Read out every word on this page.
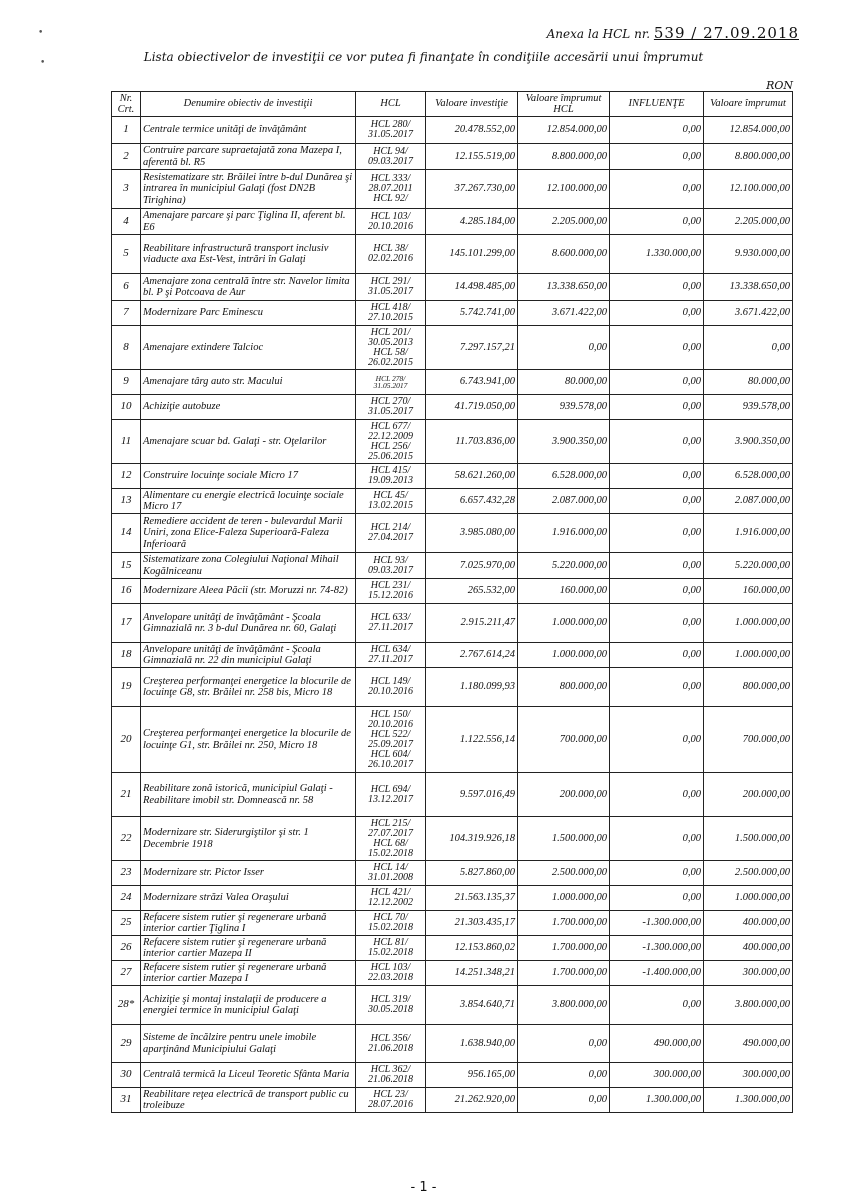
Anexa la HCL nr. 539 / 27.09.2018
Lista obiectivelor de investiţii ce vor putea fi finanţate în condiţiile accesării unui împrumut
RON
•
•
Nr. Crt.	Denumire obiectiv de investiţii	HCL	Valoare investiţie	Valoare împrumut HCL	INFLUENŢE	Valoare împrumut
1	Centrale termice unităţi de învăţământ	HCL 280/ 31.05.2017	20.478.552,00	12.854.000,00	0,00	12.854.000,00
2	Contruire parcare supraetajată zona Mazepa I, aferentă bl. R5	HCL 94/ 09.03.2017	12.155.519,00	8.800.000,00	0,00	8.800.000,00
3	Resistematizare str. Brăilei între b-dul Dunărea şi intrarea în municipiul Galaţi (fost DN2B Tirighina)	HCL 333/ 28.07.2011 HCL 92/	37.267.730,00	12.100.000,00	0,00	12.100.000,00
4	Amenajare parcare şi parc Ţiglina II, aferent bl. E6	HCL 103/ 20.10.2016	4.285.184,00	2.205.000,00	0,00	2.205.000,00
5	Reabilitare infrastructură transport inclusiv viaducte axa Est-Vest, intrări în Galaţi	HCL 38/ 02.02.2016	145.101.299,00	8.600.000,00	1.330.000,00	9.930.000,00
6	Amenajare zona centrală între str. Navelor limita bl. P şi Potcoava de Aur	HCL 291/ 31.05.2017	14.498.485,00	13.338.650,00	0,00	13.338.650,00
7	Modernizare Parc Eminescu	HCL 418/ 27.10.2015	5.742.741,00	3.671.422,00	0,00	3.671.422,00
8	Amenajare extindere Talcioc	HCL 201/ 30.05.2013 HCL 58/ 26.02.2015	7.297.157,21	0,00	0,00	0,00
9	Amenajare târg auto str. Macului	HCL 278/ 31.05.2017	6.743.941,00	80.000,00	0,00	80.000,00
10	Achiziţie autobuze	HCL 270/ 31.05.2017	41.719.050,00	939.578,00	0,00	939.578,00
11	Amenajare scuar bd. Galaţi - str. Oţelarilor	HCL 677/ 22.12.2009 HCL 256/ 25.06.2015	11.703.836,00	3.900.350,00	0,00	3.900.350,00
12	Construire locuinţe sociale Micro 17	HCL 415/ 19.09.2013	58.621.260,00	6.528.000,00	0,00	6.528.000,00
13	Alimentare cu energie electrică locuinţe sociale Micro 17	HCL 45/ 13.02.2015	6.657.432,28	2.087.000,00	0,00	2.087.000,00
14	Remediere accident de teren - bulevardul Marii Uniri, zona Elice-Faleza Superioară-Faleza Inferioară	HCL 214/ 27.04.2017	3.985.080,00	1.916.000,00	0,00	1.916.000,00
15	Sistematizare zona Colegiului Naţional Mihail Kogălniceanu	HCL 93/ 09.03.2017	7.025.970,00	5.220.000,00	0,00	5.220.000,00
16	Modernizare Aleea Păcii (str. Moruzzi nr. 74-82)	HCL 231/ 15.12.2016	265.532,00	160.000,00	0,00	160.000,00
17	Anvelopare unităţi de învăţământ - Şcoala Gimnazială nr. 3 b-dul Dunărea nr. 60, Galaţi	HCL 633/ 27.11.2017	2.915.211,47	1.000.000,00	0,00	1.000.000,00
18	Anvelopare unităţi de învăţământ - Şcoala Gimnazială nr. 22 din municipiul Galaţi	HCL 634/ 27.11.2017	2.767.614,24	1.000.000,00	0,00	1.000.000,00
19	Creşterea performanţei energetice la blocurile de locuinţe G8, str. Brăilei nr. 258 bis, Micro 18	HCL 149/ 20.10.2016	1.180.099,93	800.000,00	0,00	800.000,00
20	Creşterea performanţei energetice la blocurile de locuinţe G1, str. Brăilei nr. 250, Micro 18	HCL 150/ 20.10.2016 HCL 522/ 25.09.2017 HCL 604/ 26.10.2017	1.122.556,14	700.000,00	0,00	700.000,00
21	Reabilitare zonă istorică, municipiul Galaţi - Reabilitare imobil str. Domnească nr. 58	HCL 694/ 13.12.2017	9.597.016,49	200.000,00	0,00	200.000,00
22	Modernizare str. Siderurgiştilor şi str. 1 Decembrie 1918	HCL 215/ 27.07.2017 HCL 68/ 15.02.2018	104.319.926,18	1.500.000,00	0,00	1.500.000,00
23	Modernizare str. Pictor Isser	HCL 14/ 31.01.2008	5.827.860,00	2.500.000,00	0,00	2.500.000,00
24	Modernizare străzi Valea Oraşului	HCL 421/ 12.12.2002	21.563.135,37	1.000.000,00	0,00	1.000.000,00
25	Refacere sistem rutier şi regenerare urbană interior cartier Ţiglina I	HCL 70/ 15.02.2018	21.303.435,17	1.700.000,00	-1.300.000,00	400.000,00
26	Refacere sistem rutier şi regenerare urbană interior cartier Mazepa II	HCL 81/ 15.02.2018	12.153.860,02	1.700.000,00	-1.300.000,00	400.000,00
27	Refacere sistem rutier şi regenerare urbană interior cartier Mazepa I	HCL 103/ 22.03.2018	14.251.348,21	1.700.000,00	-1.400.000,00	300.000,00
28*	Achiziţie şi montaj instalaţii de producere a energiei termice în municipiul Galaţi	HCL 319/ 30.05.2018	3.854.640,71	3.800.000,00	0,00	3.800.000,00
29	Sisteme de încălzire pentru unele imobile aparţinând Municipiului Galaţi	HCL 356/ 21.06.2018	1.638.940,00	0,00	490.000,00	490.000,00
30	Centrală termică la Liceul Teoretic Sfânta Maria	HCL 362/ 21.06.2018	956.165,00	0,00	300.000,00	300.000,00
31	Reabilitare reţea electrică de transport public cu troleibuze	HCL 23/ 28.07.2016	21.262.920,00	0,00	1.300.000,00	1.300.000,00
- 1 -
